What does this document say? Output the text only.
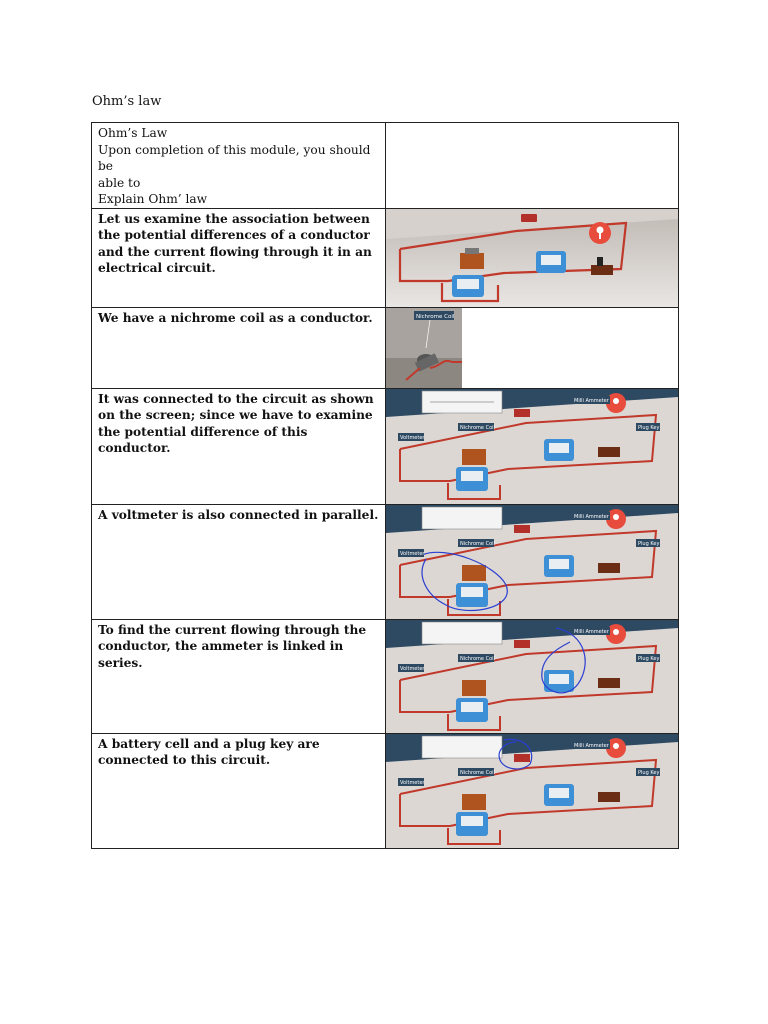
Ohm’s law
Ohm’s Law
Upon completion of this module, you should be
able to
Explain Ohm’ law	

Let us examine the association between the potential differences of a conductor and the current flowing through it in an electrical circuit.

We have a nichrome coil as a conductor.	Nichrome Coil

It was connected to the circuit as shown on the screen; since we have to examine the potential difference of this conductor.	Milli Ammeter
Nichrome Coil
Voltmeter
Plug Key

A voltmeter is also connected in parallel.	Milli Ammeter
Nichrome Coil
Voltmeter
Plug Key

To find the current flowing through the conductor, the ammeter is linked in series.	Milli Ammeter
Nichrome Coil
Voltmeter
Plug Key

A battery cell and a plug key are connected to this circuit.	Milli Ammeter
Nichrome Coil
Voltmeter
Plug Key
